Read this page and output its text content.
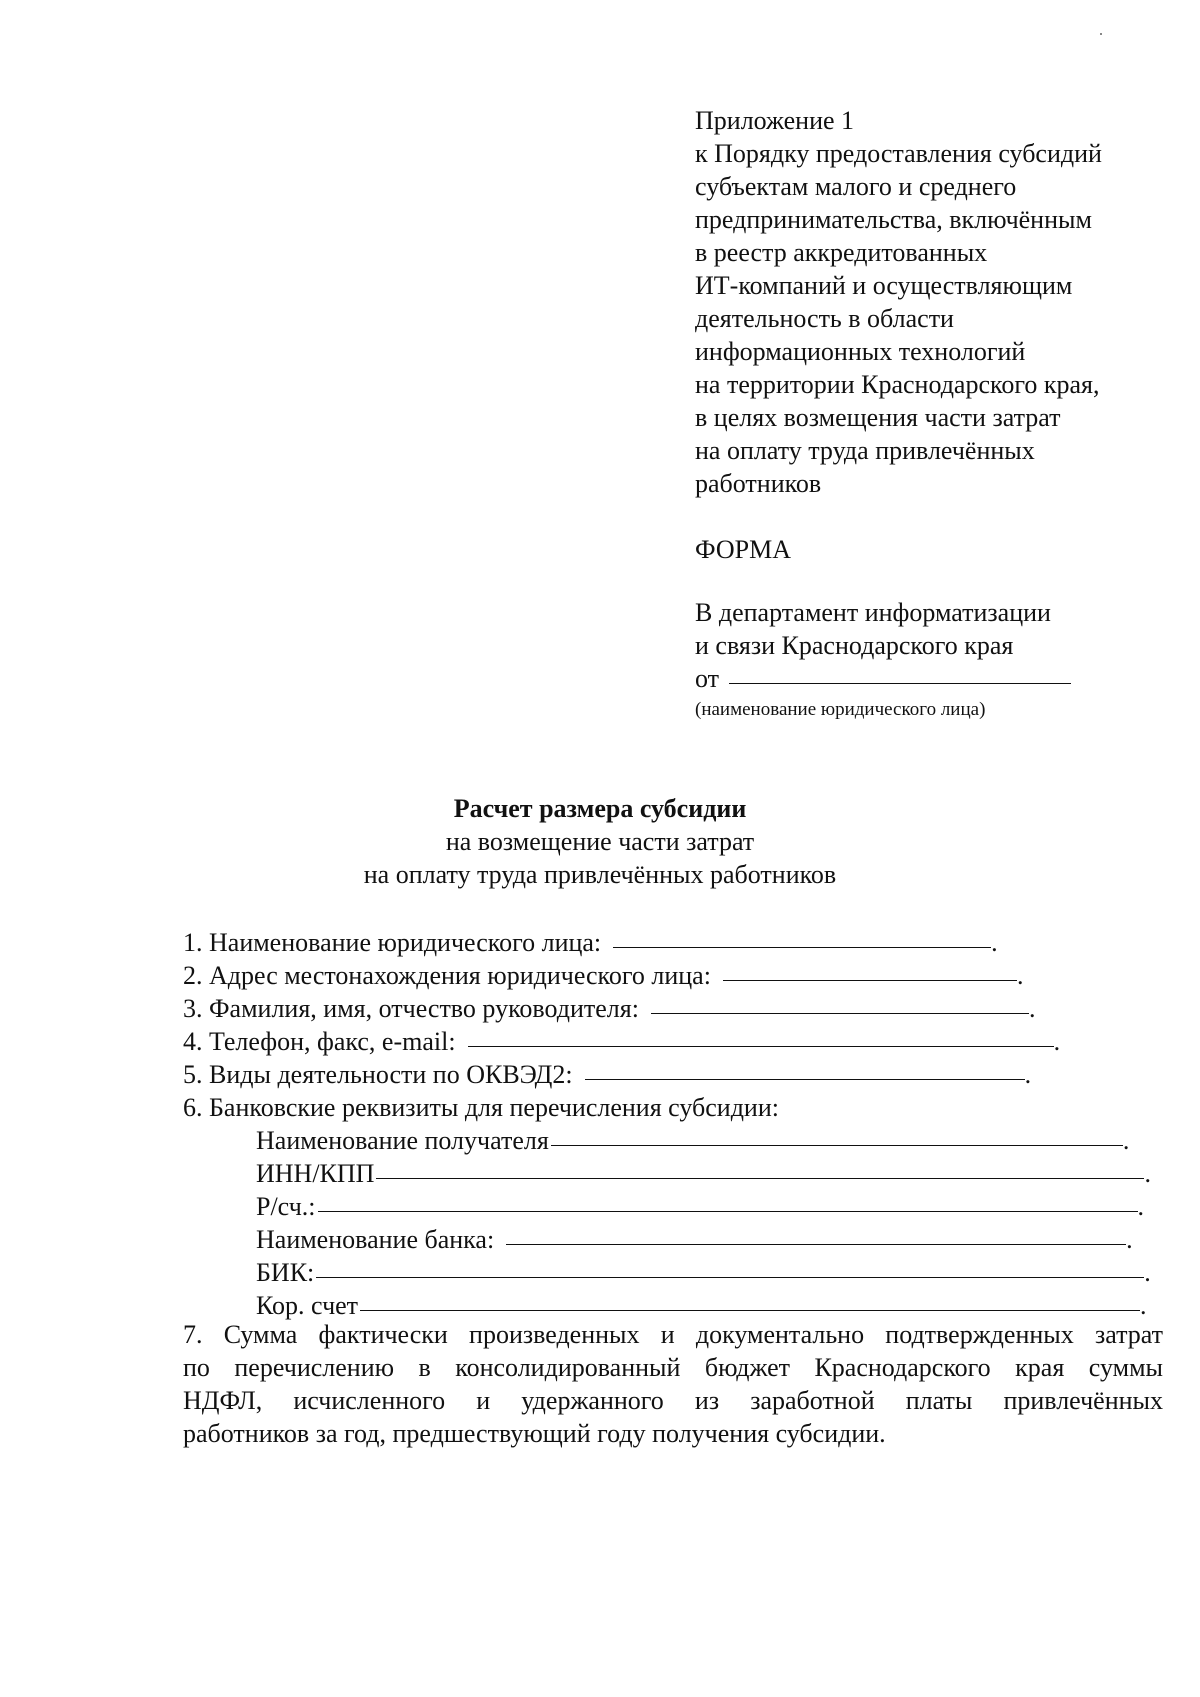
Приложение 1
к Порядку предоставления субсидий
субъектам малого и среднего
предпринимательства, включённым
в реестр аккредитованных
ИТ-компаний и осуществляющим
деятельность в области
информационных технологий
на территории Краснодарского края,
в целях возмещения части затрат
на оплату труда привлечённых
работников
ФОРМА
В департамент информатизации
и связи Краснодарского края
от
(наименование юридического лица)
Расчет размера субсидии
на возмещение части затрат
на оплату труда привлечённых работников
1. Наименование юридического лица:	.
2. Адрес местонахождения юридического лица:	.
3. Фамилия, имя, отчество руководителя:	.
4. Телефон, факс, e-mail:	.
5. Виды деятельности по ОКВЭД2:	.
6. Банковские реквизиты для перечисления субсидии:
Наименование получателя	.
ИНН/КПП	.
Р/сч.:	.
Наименование банка:	.
БИК:	.
Кор. счет	.
7. Сумма фактически произведенных и документально подтвержденных затрат
по перечислению в консолидированный бюджет Краснодарского края суммы
НДФЛ, исчисленного и удержанного из заработной платы привлечённых
работников за год, предшествующий году получения субсидии.
